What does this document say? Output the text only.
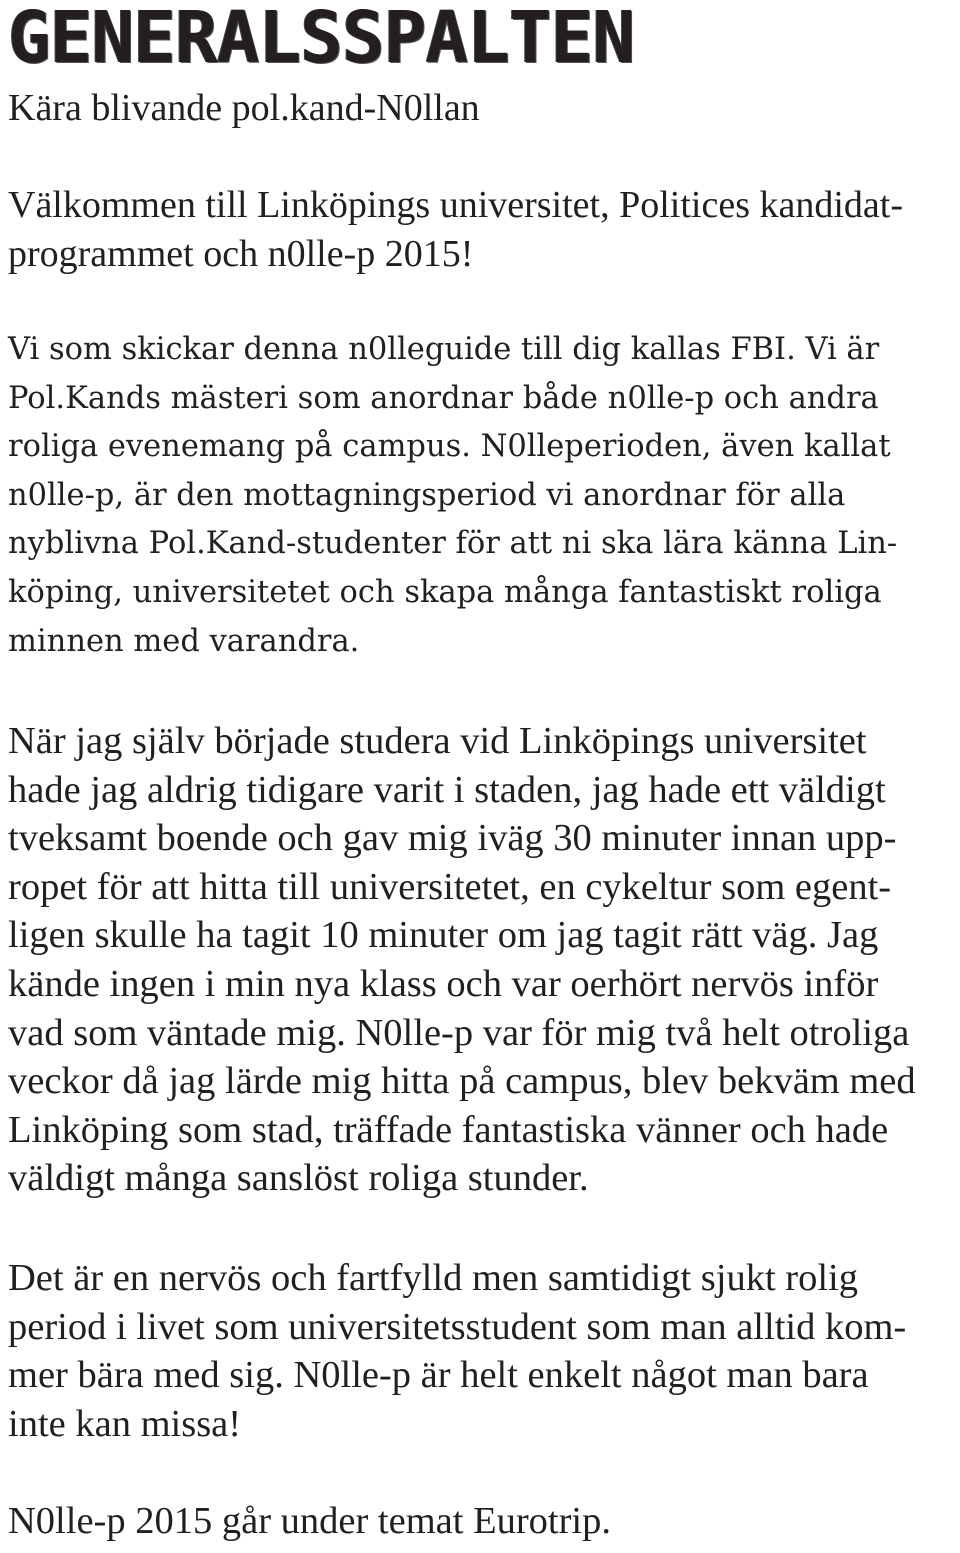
GENERALSSPALTEN

Kära blivande pol.kand-N0llan

Välkommen till Linköpings universitet, Politices kandidat-
programmet och n0lle-p 2015!

Vi som skickar denna n0lleguide till dig kallas FBI. Vi är
Pol.Kands mästeri som anordnar både n0lle-p och andra
roliga evenemang på campus. N0lleperioden, även kallat
n0lle-p, är den mottagningsperiod vi anordnar för alla
nyblivna Pol.Kand-studenter för att ni ska lära känna Lin-
köping, universitetet och skapa många fantastiskt roliga
minnen med varandra.

När jag själv började studera vid Linköpings universitet
hade jag aldrig tidigare varit i staden, jag hade ett väldigt
tveksamt boende och gav mig iväg 30 minuter innan upp-
ropet för att hitta till universitetet, en cykeltur som egent-
ligen skulle ha tagit 10 minuter om jag tagit rätt väg. Jag
kände ingen i min nya klass och var oerhört nervös inför
vad som väntade mig. N0lle-p var för mig två helt otroliga
veckor då jag lärde mig hitta på campus, blev bekväm med
Linköping som stad, träffade fantastiska vänner och hade
väldigt många sanslöst roliga stunder.

Det är en nervös och fartfylld men samtidigt sjukt rolig
period i livet som universitetsstudent som man alltid kom-
mer bära med sig. N0lle-p är helt enkelt något man bara
inte kan missa!

N0lle-p 2015 går under temat Eurotrip.
